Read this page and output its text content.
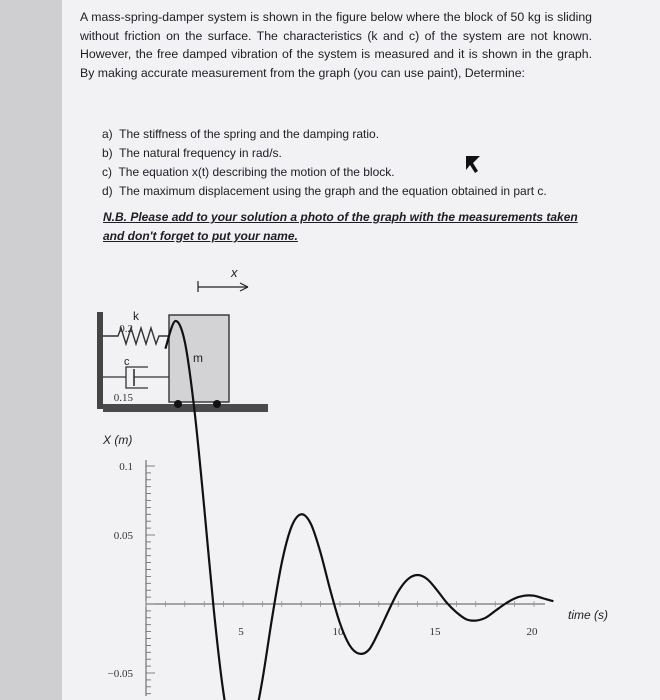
A mass-spring-damper system is shown in the figure below where the block of 50 kg is sliding without friction on the surface. The characteristics (k and c) of the system are not known. However, the free damped vibration of the system is measured and it is shown in the graph. By making accurate measurement from the graph (you can use paint), Determine:

a)  The stiffness of the spring and the damping ratio.
b)  The natural frequency in rad/s.
c)  The equation x(t) describing the motion of the block.
d)  The maximum displacement using the graph and the equation obtained in part c.

N.B. Please add to your solution a photo of the graph with the measurements taken and don't forget to put your name.

x
k
c	m
0.2
0.15
0.1
0.05
−0.05
5	10	15	20
X (m)
time (s)
